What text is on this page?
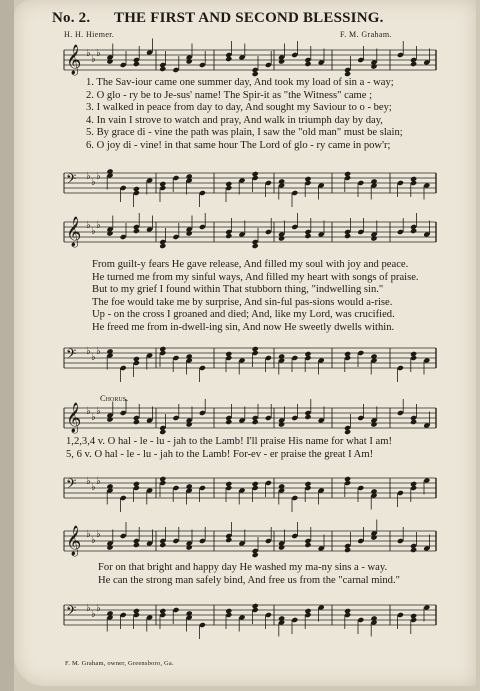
No. 2. THE FIRST AND SECOND BLESSING.
H. H. Hiemer.	F. M. Graham.
𝄞 ♭
♭
♭
1. The Sav-iour came one summer day, And took my load of sin a - way;
2. O glo - ry be to Je-sus' name! The Spir-it as "the Witness" came ;
3. I walked in peace from day to day, And sought my Saviour to o - bey;
4. In vain I strove to watch and pray, And walk in triumph day by day,
5. By grace di - vine the path was plain, I saw the "old man" must be slain;
6. O joy di - vine! in that same hour The Lord of glo - ry came in pow'r;
𝄢 ♭
♭
♭
𝄞 ♭
♭
♭
From guilt-y fears He gave release, And filled my soul with joy and peace.
He turned me from my sinful ways, And filled my heart with songs of praise.
But to my grief I found within That stubborn thing, "indwelling sin."
The foe would take me by surprise, And sin-ful pas-sions would a-rise.
Up - on the cross I groaned and died; And, like my Lord, was crucified.
He freed me from in-dwell-ing sin, And now He sweetly dwells within.
𝄢 ♭
♭
♭
Chorus.
𝄞 ♭
♭
♭
1,2,3,4 v. O hal - le - lu - jah to the Lamb! I'll praise His name for what I am!
5, 6 v. O hal - le - lu - jah to the Lamb! For-ev - er praise the great I Am!
𝄢 ♭
♭
♭
𝄞 ♭
♭
♭
For on that bright and happy day He washed my ma-ny sins a - way.
He can the strong man safely bind, And free us from the "carnal mind."
𝄢 ♭
♭
♭
F. M. Graham, owner, Greensboro, Ga.
